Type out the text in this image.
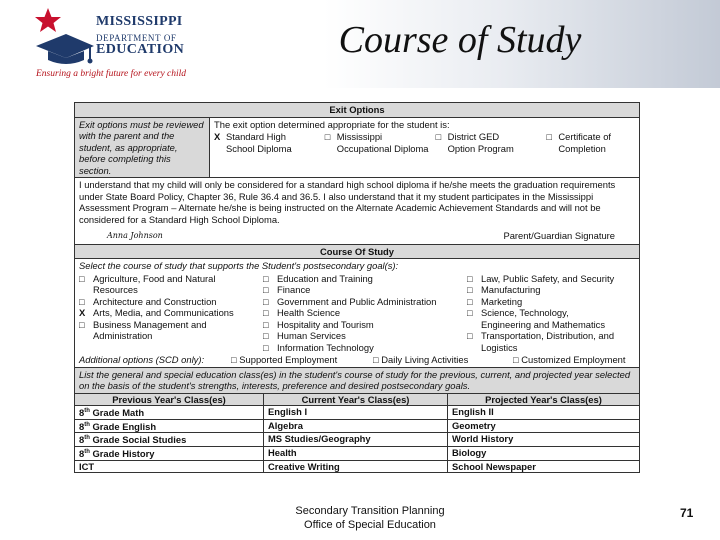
MISSISSIPPI
DEPARTMENT OF
EDUCATION
Ensuring a bright future for every child
Course of Study
Exit Options
Exit options must be reviewed with the parent and the student, as appropriate, before completing this section.
The exit option determined appropriate for the student is:
X Standard High
School Diploma
□ Mississippi
Occupational Diploma
□ District GED
Option Program
□ Certificate of
Completion
I understand that my child will only be considered for a standard high school diploma if he/she meets the graduation requirements under State Board Policy, Chapter 36, Rule 36.4 and 36.5. I also understand that it my student participates in the Mississippi Assessment Program – Alternate he/she is being instructed on the Alternate Academic Achievement Standards and will not be considered for a Standard High School Diploma.
Anna Johnson	Parent/Guardian Signature
Course Of Study
Select the course of study that supports the Student's postsecondary goal(s):
□ Agriculture, Food and Natural
Resources
□ Architecture and Construction
X Arts, Media, and Communications
□ Business Management and
Administration
□ Education and Training
□ Finance
□ Government and Public Administration
□ Health Science
□ Hospitality and Tourism
□ Human Services
□ Information Technology
□ Law, Public Safety, and Security
□ Manufacturing
□ Marketing
□ Science, Technology,
Engineering and Mathematics
□ Transportation, Distribution, and
Logistics
Additional options (SCD only):	□ Supported Employment	□ Daily Living Activities	□ Customized Employment
List the general and special education class(es) in the student's course of study for the previous, current, and projected year selected on the basis of the student's strengths, interests, preference and desired postsecondary goals.
Previous Year's Class(es)	Current Year's Class(es)	Projected Year's Class(es)
8th Grade Math	English I	English II
8th Grade English	Algebra	Geometry
8th Grade Social Studies	MS Studies/Geography	World History
8th Grade History	Health	Biology
ICT	Creative Writing	School Newspaper
Secondary Transition Planning
Office of Special Education
71
